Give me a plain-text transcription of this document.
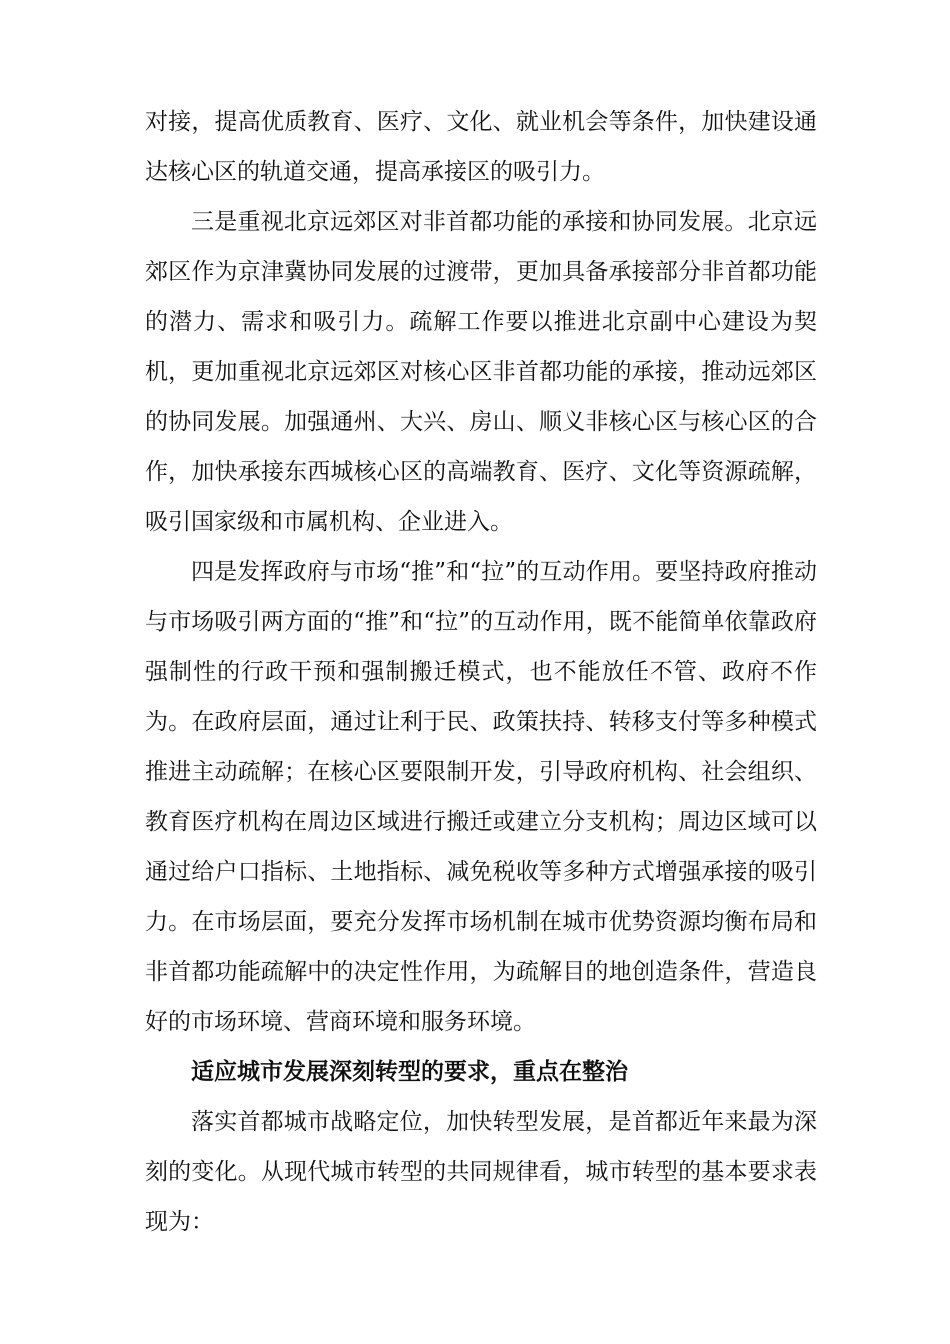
对接，提高优质教育、医疗、文化、就业机会等条件，加快建设通达核心区的轨道交通，提高承接区的吸引力。

三是重视北京远郊区对非首都功能的承接和协同发展。北京远郊区作为京津冀协同发展的过渡带，更加具备承接部分非首都功能的潜力、需求和吸引力。疏解工作要以推进北京副中心建设为契机，更加重视北京远郊区对核心区非首都功能的承接，推动远郊区的协同发展。加强通州、大兴、房山、顺义非核心区与核心区的合作，加快承接东西城核心区的高端教育、医疗、文化等资源疏解，吸引国家级和市属机构、企业进入。

四是发挥政府与市场“推”和“拉”的互动作用。要坚持政府推动与市场吸引两方面的“推”和“拉”的互动作用，既不能简单依靠政府强制性的行政干预和强制搬迁模式，也不能放任不管、政府不作为。在政府层面，通过让利于民、政策扶持、转移支付等多种模式推进主动疏解；在核心区要限制开发，引导政府机构、社会组织、教育医疗机构在周边区域进行搬迁或建立分支机构；周边区域可以通过给户口指标、土地指标、减免税收等多种方式增强承接的吸引力。在市场层面，要充分发挥市场机制在城市优势资源均衡布局和非首都功能疏解中的决定性作用，为疏解目的地创造条件，营造良好的市场环境、营商环境和服务环境。

适应城市发展深刻转型的要求，重点在整治

落实首都城市战略定位，加快转型发展，是首都近年来最为深刻的变化。从现代城市转型的共同规律看，城市转型的基本要求表现为：
